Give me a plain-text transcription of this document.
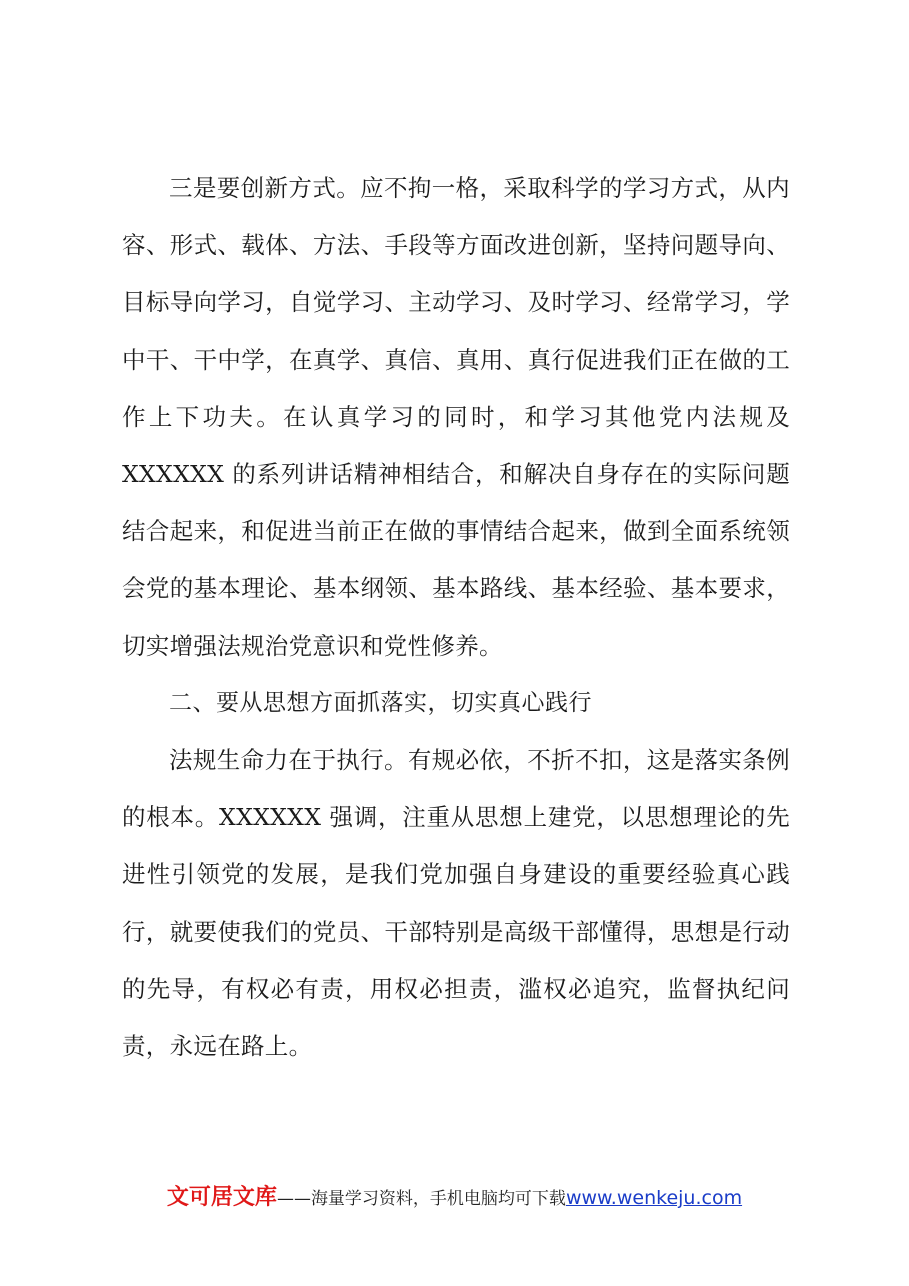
三是要创新方式。应不拘一格，采取科学的学习方式，从内容、形式、载体、方法、手段等方面改进创新，坚持问题导向、目标导向学习，自觉学习、主动学习、及时学习、经常学习，学中干、干中学，在真学、真信、真用、真行促进我们正在做的工作上下功夫。在认真学习的同时，和学习其他党内法规及 XXXXXX 的系列讲话精神相结合，和解决自身存在的实际问题结合起来，和促进当前正在做的事情结合起来，做到全面系统领会党的基本理论、基本纲领、基本路线、基本经验、基本要求，切实增强法规治党意识和党性修养。

二、要从思想方面抓落实，切实真心践行

法规生命力在于执行。有规必依，不折不扣，这是落实条例的根本。XXXXXX 强调，注重从思想上建党，以思想理论的先进性引领党的发展，是我们党加强自身建设的重要经验真心践行，就要使我们的党员、干部特别是高级干部懂得，思想是行动的先导，有权必有责，用权必担责，滥权必追究，监督执纪问责，永远在路上。

文可居文库——海量学习资料，手机电脑均可下载www.wenkeju.com
